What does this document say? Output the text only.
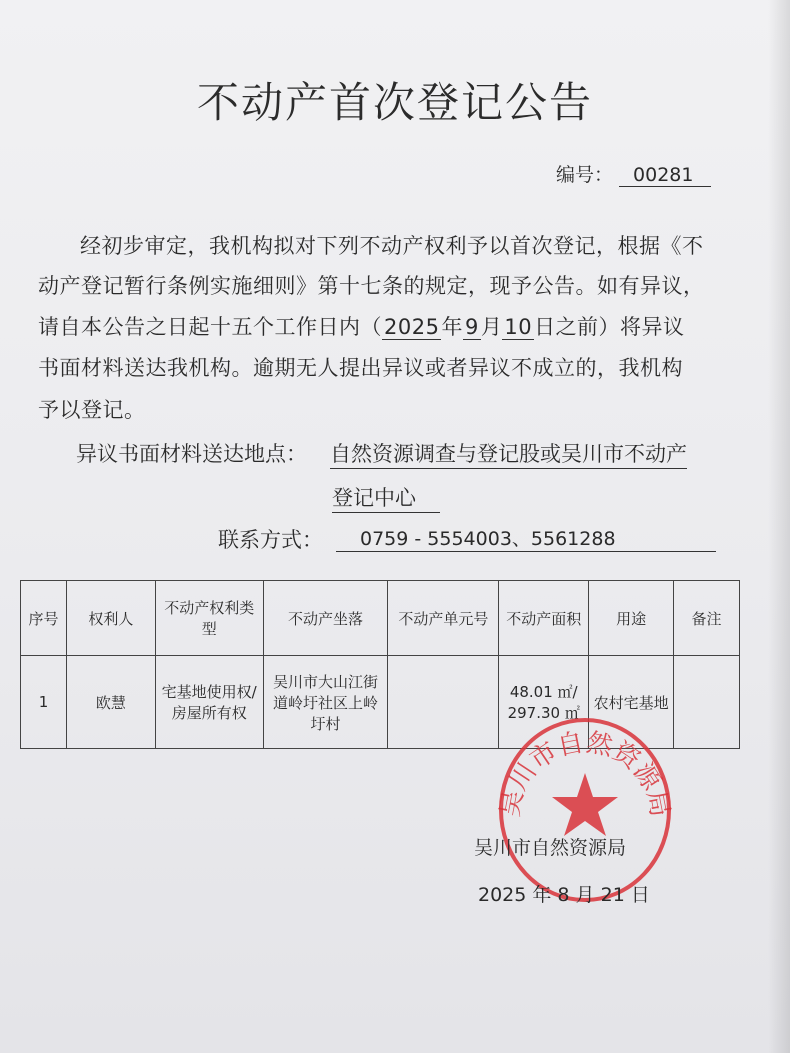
不动产首次登记公告
编号： 00281
经初步审定，我机构拟对下列不动产权利予以首次登记，根据《不
动产登记暂行条例实施细则》第十七条的规定，现予公告。如有异议，
请自本公告之日起十五个工作日内（2025年9月10日之前）将异议
书面材料送达我机构。逾期无人提出异议或者异议不成立的，我机构
予以登记。
异议书面材料送达地点： 自然资源调查与登记股或吴川市不动产
登记中心
联系方式：	0759 - 5554003、5561288
序号	权利人	不动产权利类型	不动产坐落	不动产单元号	不动产面积	用途	备注
1	欧慧	宅基地使用权/房屋所有权	吴川市大山江街道岭圩社区上岭圩村		48.01 ㎡/ 297.30 ㎡	农村宅基地	
吴川市自然资源局
吴川市自然资源局
2025 年 8 月 21 日
